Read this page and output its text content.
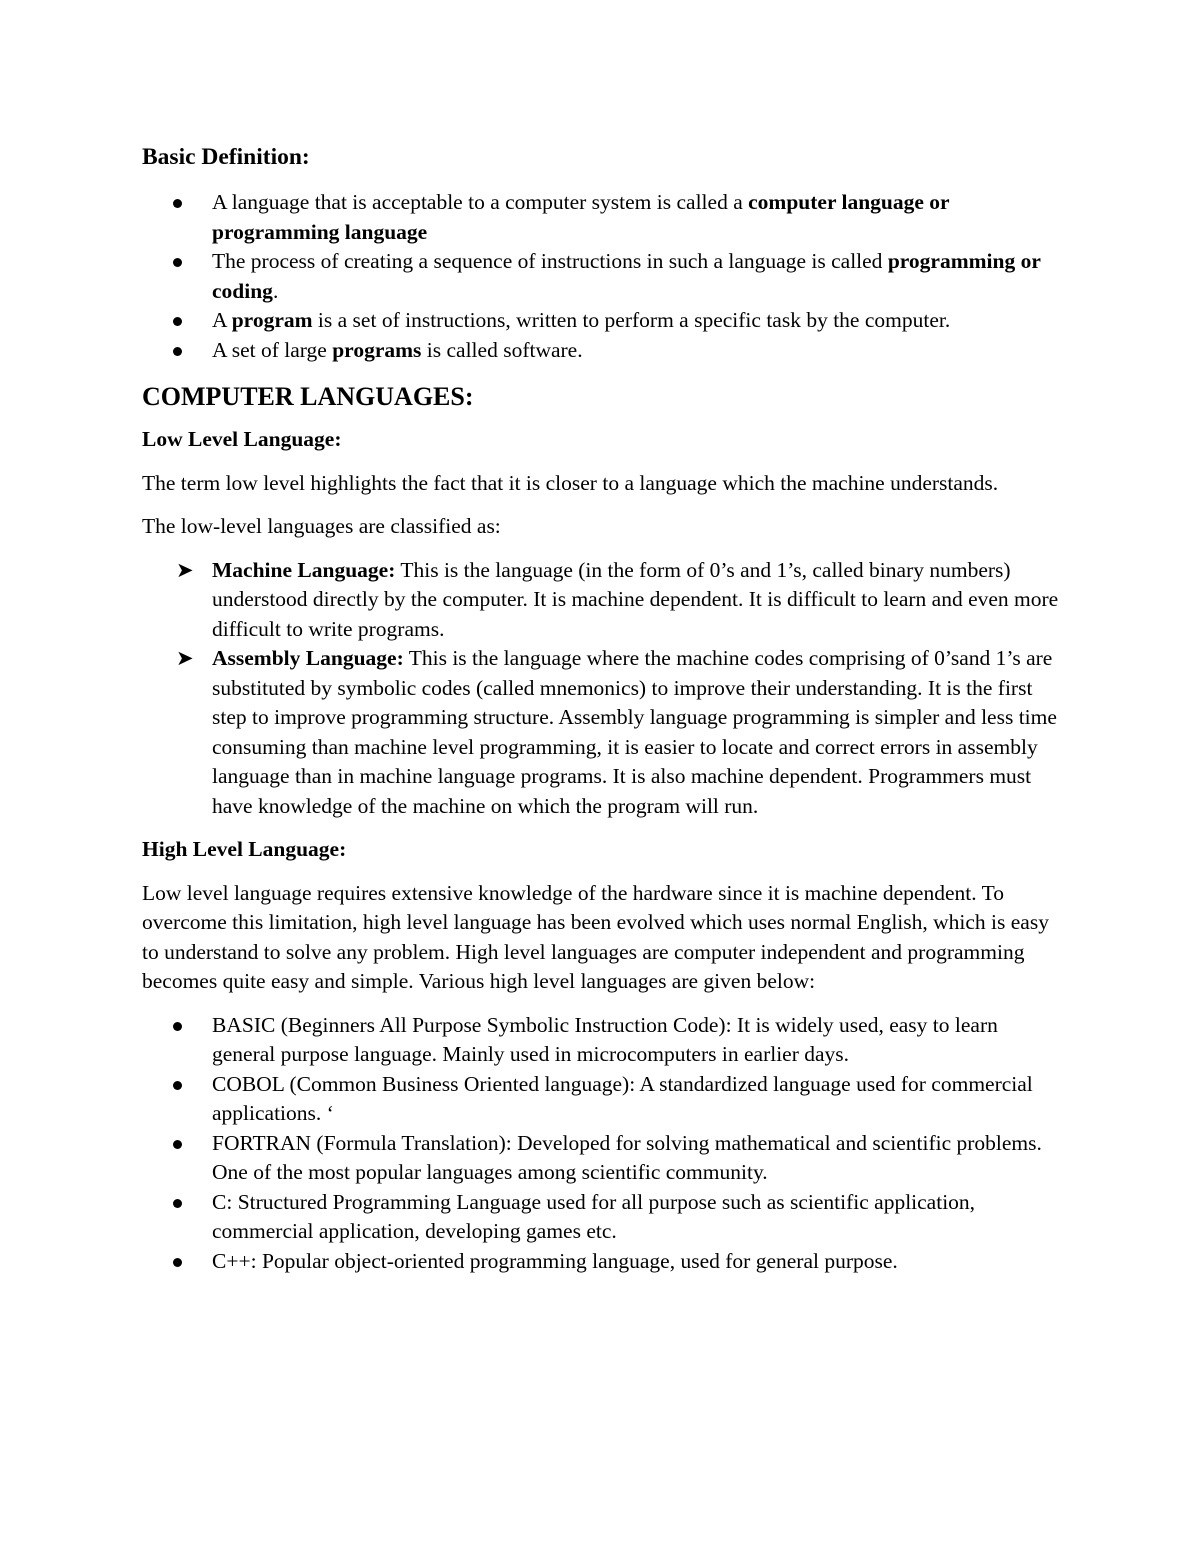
Basic Definition:
A language that is acceptable to a computer system is called a computer language or programming language
The process of creating a sequence of instructions in such a language is called programming or coding.
A program is a set of instructions, written to perform a specific task by the computer.
A set of large programs is called software.
COMPUTER LANGUAGES:
Low Level Language:

The term low level highlights the fact that it is closer to a language which the machine understands.

The low-level languages are classified as:

➤ Machine Language: This is the language (in the form of 0’s and 1’s, called binary numbers) understood directly by the computer. It is machine dependent. It is difficult to learn and even more difficult to write programs.
➤ Assembly Language: This is the language where the machine codes comprising of 0’sand 1’s are substituted by symbolic codes (called mnemonics) to improve their understanding. It is the first step to improve programming structure. Assembly language programming is simpler and less time consuming than machine level programming, it is easier to locate and correct errors in assembly language than in machine language programs. It is also machine dependent. Programmers must have knowledge of the machine on which the program will run.
High Level Language:

Low level language requires extensive knowledge of the hardware since it is machine dependent. To overcome this limitation, high level language has been evolved which uses normal English, which is easy to understand to solve any problem. High level languages are computer independent and programming becomes quite easy and simple. Various high level languages are given below:

BASIC (Beginners All Purpose Symbolic Instruction Code): It is widely used, easy to learn general purpose language. Mainly used in microcomputers in earlier days.
COBOL (Common Business Oriented language): A standardized language used for commercial applications. ‘
FORTRAN (Formula Translation): Developed for solving mathematical and scientific problems. One of the most popular languages among scientific community.
C: Structured Programming Language used for all purpose such as scientific application, commercial application, developing games etc.
C++: Popular object-oriented programming language, used for general purpose.
